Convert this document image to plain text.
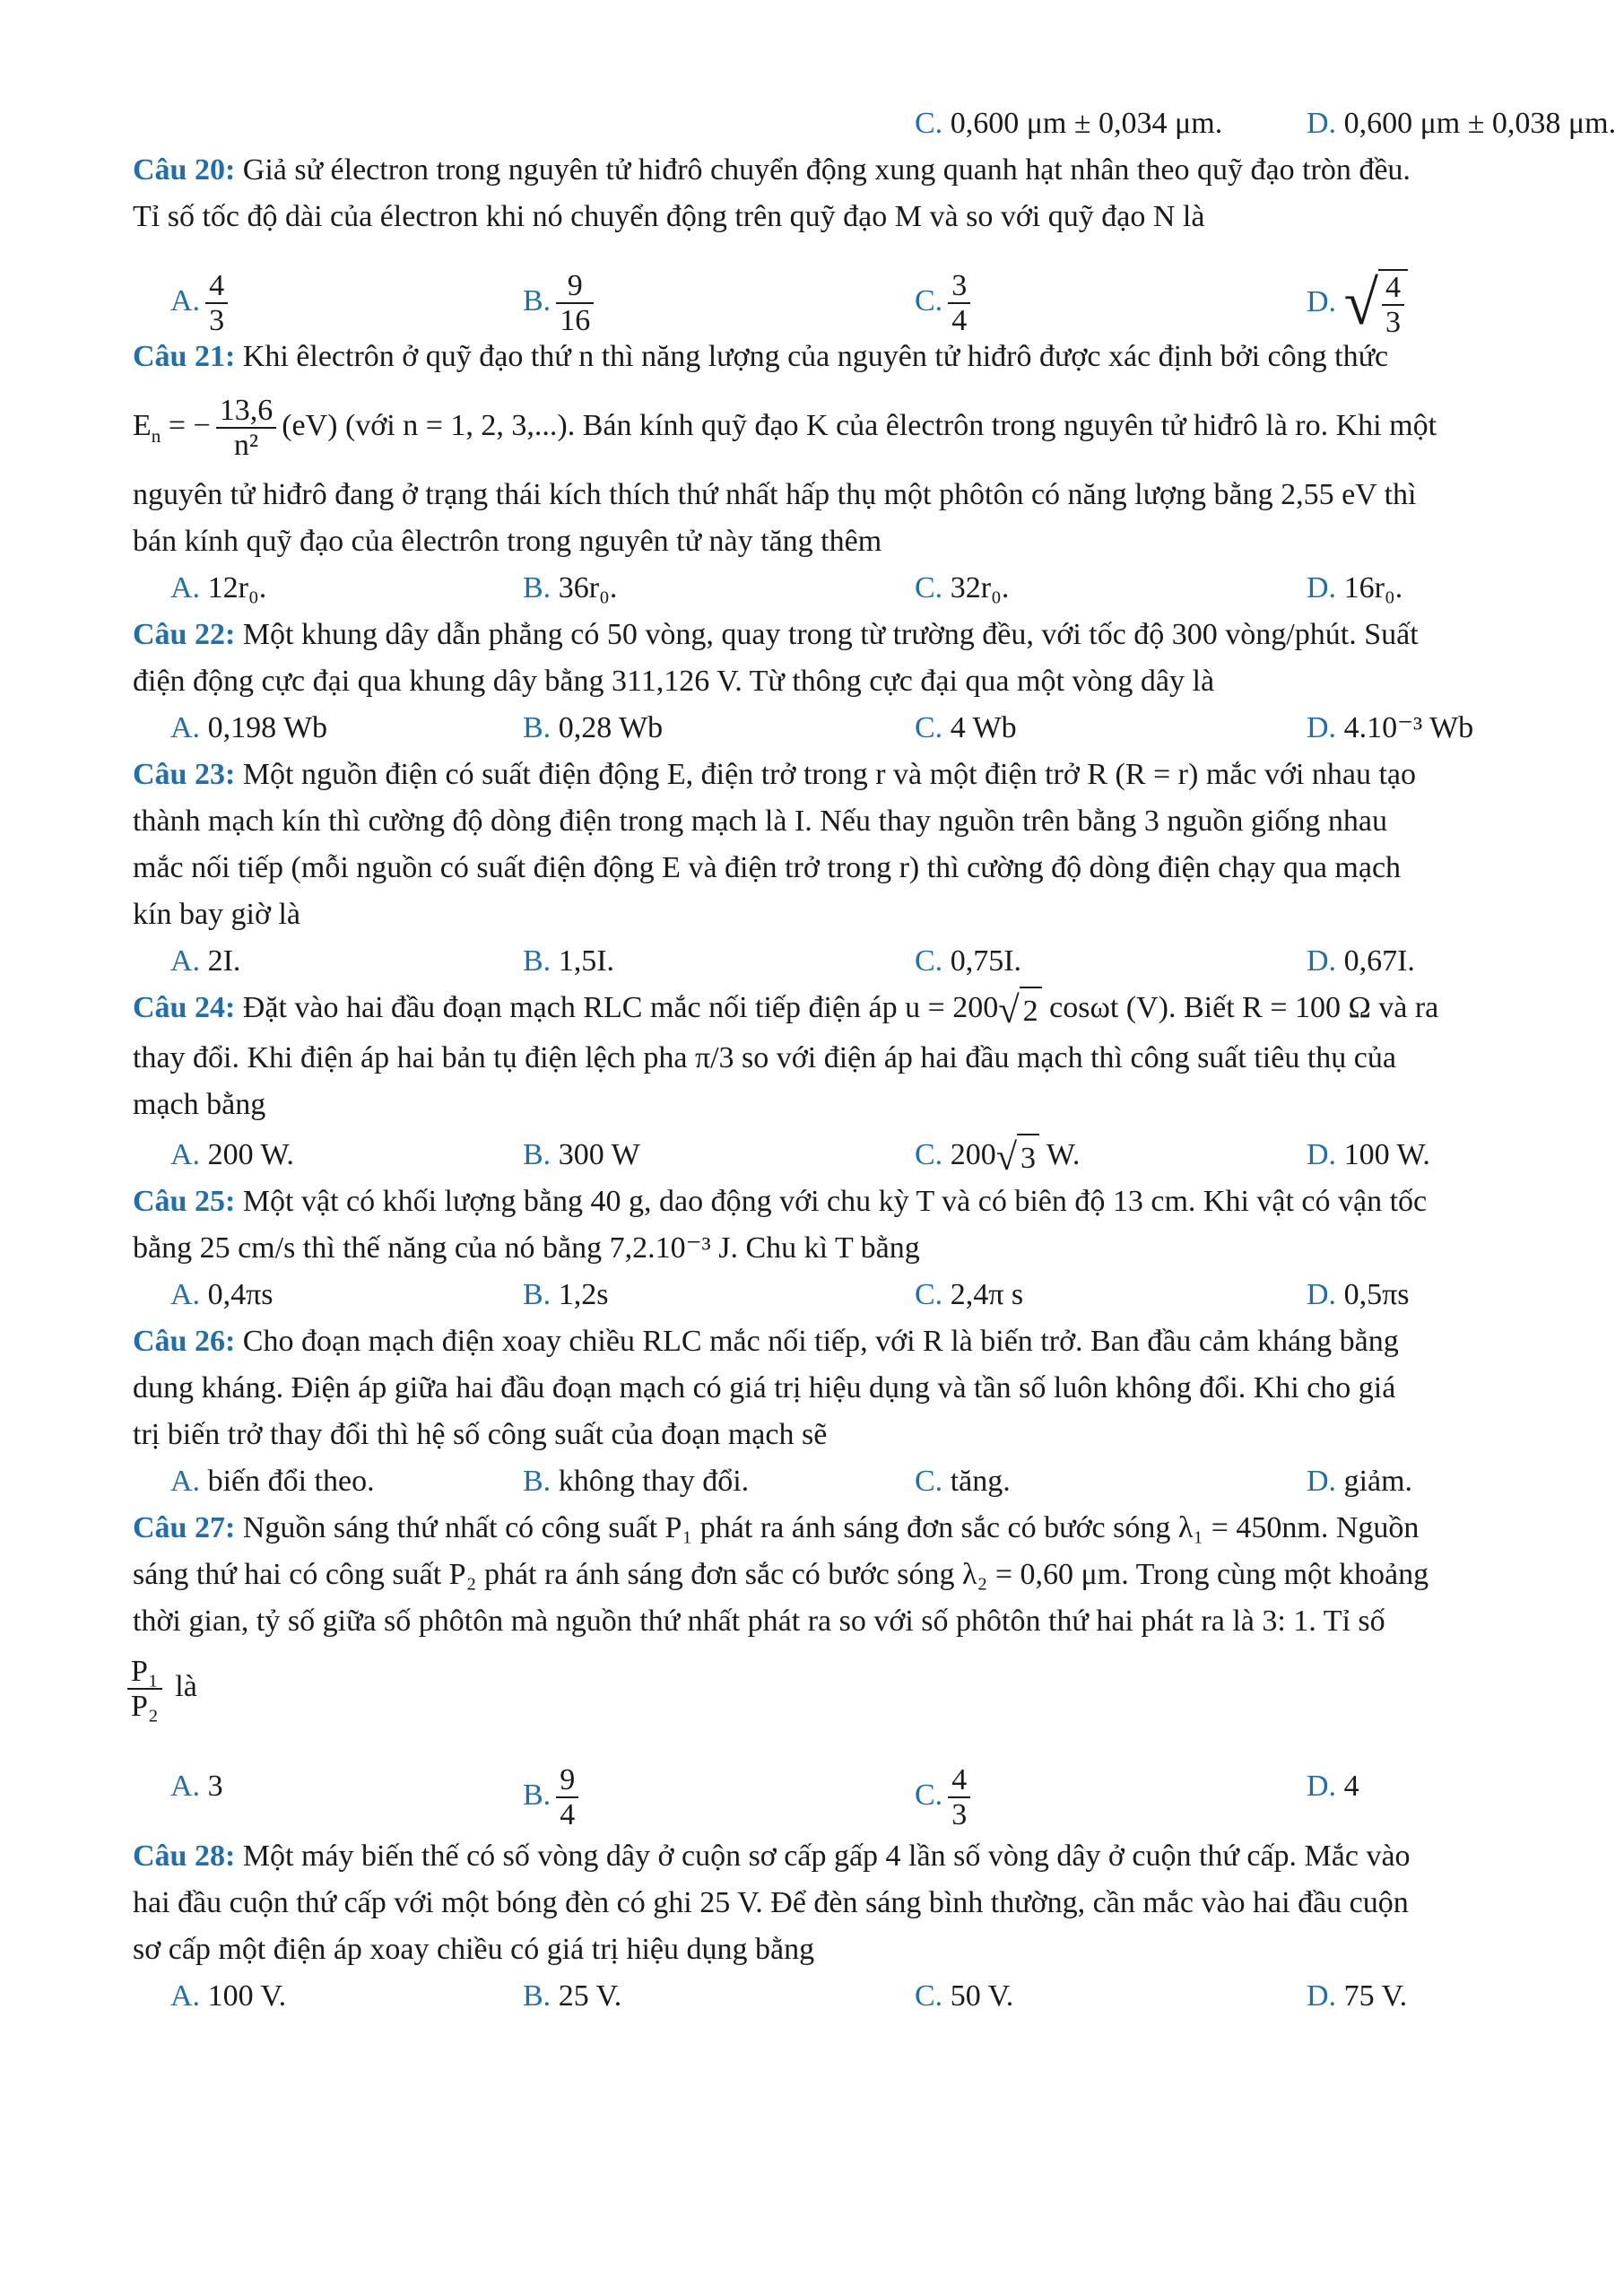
C. 0,600 μm ± 0,034 μm.	D. 0,600 μm ± 0,038 μm.
Câu 20: Giả sử électron trong nguyên tử hiđrô chuyển động xung quanh hạt nhân theo quỹ đạo tròn đều.
Tỉ số tốc độ dài của électron khi nó chuyển động trên quỹ đạo M và so với quỹ đạo N là
A. $\frac{4}{3}$	B. $\frac{9}{16}$	C. $\frac{3}{4}$	D. √ $\frac{4}{3}$
Câu 21: Khi êlectrôn ở quỹ đạo thứ n thì năng lượng của nguyên tử hiđrô được xác định bởi công thức
$E_n$ = − $\frac{13,6}{\text{n²}} (eV)$ (với n = 1, 2, 3,...). Bán kính quỹ đạo K của êlectrôn trong nguyên tử hiđrô là ro. Khi một
nguyên tử hiđrô đang ở trạng thái kích thích thứ nhất hấp thụ một phôtôn có năng lượng bằng 2,55 eV thì
bán kính quỹ đạo của êlectrôn trong nguyên tử này tăng thêm
A. 12r₀.	B. 36r₀.	C. 32r₀.	D. 16r₀.
Câu 22: Một khung dây dẫn phẳng có 50 vòng, quay trong từ trường đều, với tốc độ 300 vòng/phút. Suất
điện động cực đại qua khung dây bằng 311,126 V. Từ thông cực đại qua một vòng dây là
A. 0,198 Wb	B. 0,28 Wb	C. 4 Wb	D. 4.10⁻³ Wb
Câu 23: Một nguồn điện có suất điện động E, điện trở trong r và một điện trở R (R = r) mắc với nhau tạo
thành mạch kín thì cường độ dòng điện trong mạch là I. Nếu thay nguồn trên bằng 3 nguồn giống nhau
mắc nối tiếp (mỗi nguồn có suất điện động E và điện trở trong r) thì cường độ dòng điện chạy qua mạch
kín bay giờ là
A. 2I.	B. 1,5I.	C. 0,75I.	D. 0,67I.
Câu 24: Đặt vào hai đầu đoạn mạch RLC mắc nối tiếp điện áp u = 200√ 2 cosωt (V). Biết R = 100 Ω và ra
thay đổi. Khi điện áp hai bản tụ điện lệch pha π/3 so với điện áp hai đầu mạch thì công suất tiêu thụ của
mạch bằng
A. 200 W.	B. 300 W	C. 200√ 3 W.	D. 100 W.
Câu 25: Một vật có khối lượng bằng 40 g, dao động với chu kỳ T và có biên độ 13 cm. Khi vật có vận tốc
bằng 25 cm/s thì thế năng của nó bằng 7,2.10⁻³ J. Chu kì T bằng
A. 0,4πs	B. 1,2s	C. 2,4π s	D. 0,5πs
Câu 26: Cho đoạn mạch điện xoay chiều RLC mắc nối tiếp, với R là biến trở. Ban đầu cảm kháng bằng
dung kháng. Điện áp giữa hai đầu đoạn mạch có giá trị hiệu dụng và tần số luôn không đổi. Khi cho giá
trị biến trở thay đổi thì hệ số công suất của đoạn mạch sẽ
A. biến đổi theo.	B. không thay đổi.	C. tăng.	D. giảm.
Câu 27: Nguồn sáng thứ nhất có công suất P₁ phát ra ánh sáng đơn sắc có bước sóng λ₁ = 450nm. Nguồn
sáng thứ hai có công suất P₂ phát ra ánh sáng đơn sắc có bước sóng λ₂ = 0,60 μm. Trong cùng một khoảng
thời gian, tỷ số giữa số phôtôn mà nguồn thứ nhất phát ra so với số phôtôn thứ hai phát ra là 3: 1. Tỉ số
$\frac{\text{P₁}}{\text{P₂}}$ là
A. 3	B. $\frac{9}{4}$	C. $\frac{4}{3}$	D. 4
Câu 28: Một máy biến thế có số vòng dây ở cuộn sơ cấp gấp 4 lần số vòng dây ở cuộn thứ cấp. Mắc vào
hai đầu cuộn thứ cấp với một bóng đèn có ghi 25 V. Để đèn sáng bình thường, cần mắc vào hai đầu cuộn
sơ cấp một điện áp xoay chiều có giá trị hiệu dụng bằng
A. 100 V.	B. 25 V.	C. 50 V.	D. 75 V.
